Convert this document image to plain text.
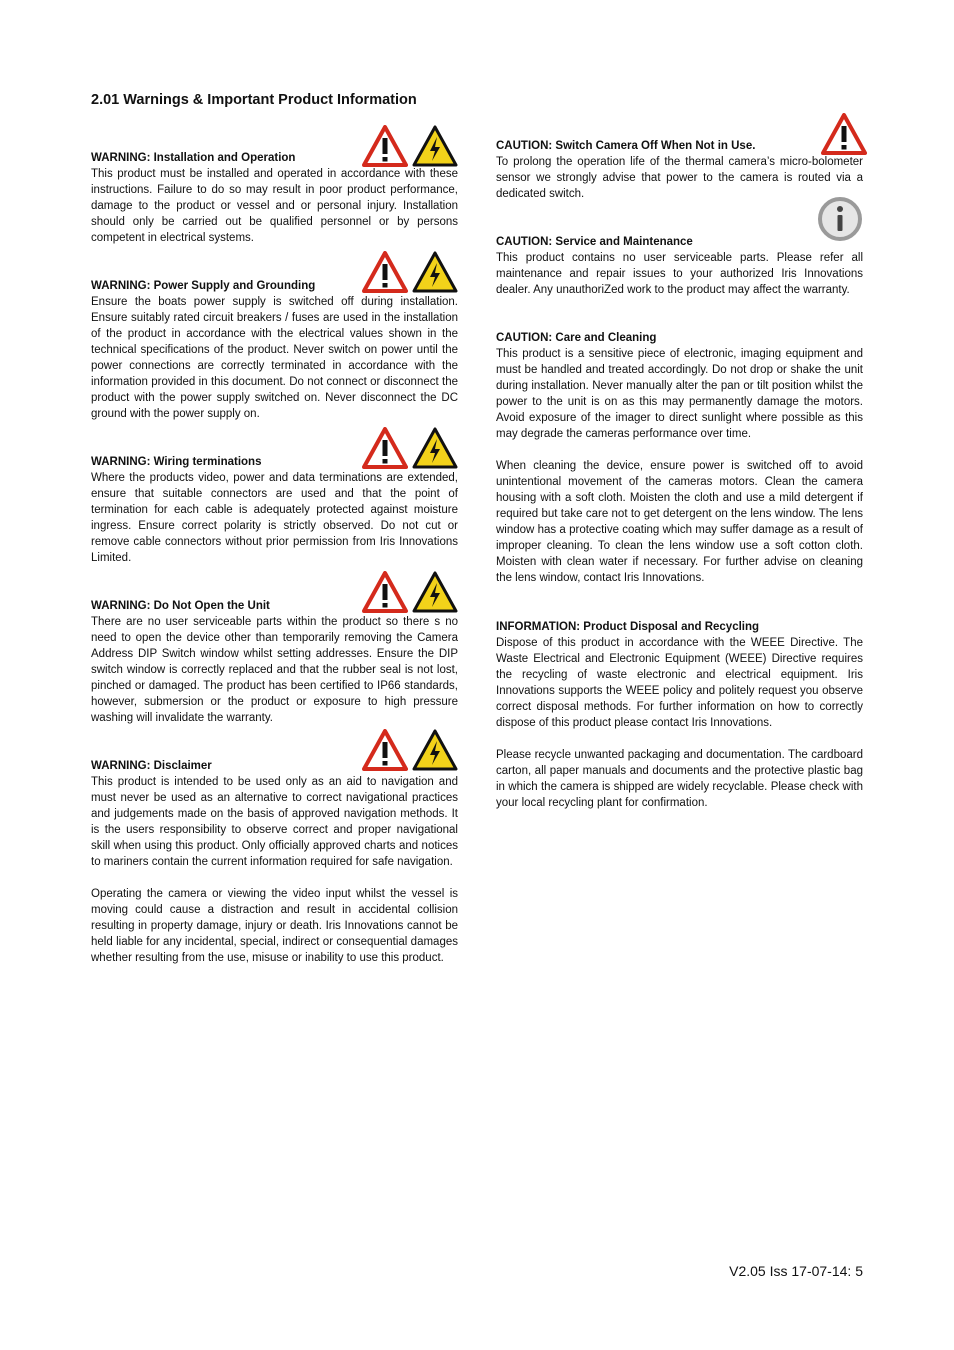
2.01 Warnings & Important Product Information

WARNING: Installation and Operation

This product must be installed and operated in accordance with these instructions. Failure to do so may result in poor product performance, damage to the product or vessel and or personal injury. Installation should only be carried out be qualified personnel or by persons competent in electrical systems.

WARNING: Power Supply and Grounding

Ensure the boats power supply is switched off during installation. Ensure suitably rated circuit breakers / fuses are used in the installation of the product in accordance with the electrical values shown in the technical specifications of the product. Never switch on power until the power connections are correctly terminated in accordance with the information provided in this document. Do not connect or disconnect the product with the power supply switched on. Never disconnect the DC ground with the power supply on.

WARNING: Wiring terminations

Where the products video, power and data terminations are extended, ensure that suitable connectors are used and that the point of termination for each cable is adequately protected against moisture ingress. Ensure correct polarity is strictly observed. Do not cut or remove cable connectors without prior permission from Iris Innovations Limited.

WARNING: Do Not Open the Unit

There are no user serviceable parts within the product so there s no need to open the device other than temporarily removing the Camera Address DIP Switch window whilst setting addresses. Ensure the DIP switch window is correctly replaced and that the rubber seal is not lost, pinched or damaged. The product has been certified to IP66 standards, however, submersion or the product or exposure to high pressure washing will invalidate the warranty.

WARNING: Disclaimer

This product is intended to be used only as an aid to navigation and must never be used as an alternative to correct navigational practices and judgements made on the basis of approved navigation methods. It is the users responsibility to observe correct and proper navigational skill when using this product. Only officially approved charts and notices to mariners contain the current information required for safe navigation.

Operating the camera or viewing the video input whilst the vessel is moving could cause a distraction and result in accidental collision resulting in property damage, injury or death. Iris Innovations cannot be held liable for any incidental, special, indirect or consequential damages whether resulting from the use, misuse or inability to use this product.

CAUTION: Switch Camera Off When Not in Use.

To prolong the operation life of the thermal camera’s micro-bolometer sensor we strongly advise that power to the camera is routed via a dedicated switch.

CAUTION: Service and Maintenance

This product contains no user serviceable parts. Please refer all maintenance and repair issues to your authorized Iris Innovations dealer. Any unauthoriZed work to the product may affect the warranty.

CAUTION: Care and Cleaning

This product is a sensitive piece of electronic, imaging equipment and must be handled and treated accordingly. Do not drop or shake the unit during installation. Never manually alter the pan or tilt position whilst the power to the unit is on as this may permanently damage the motors. Avoid exposure of the imager to direct sunlight where possible as this may degrade the cameras performance over time.

When cleaning the device, ensure power is switched off to avoid unintentional movement of the cameras motors. Clean the camera housing with a soft cloth. Moisten the cloth and use a mild detergent if required but take care not to get detergent on the lens window. The lens window has a protective coating which may suffer damage as a result of improper cleaning. To clean the lens window use a soft cotton cloth. Moisten with clean water if necessary. For further advise on cleaning the lens window, contact Iris Innovations.

INFORMATION: Product Disposal and Recycling

Dispose of this product in accordance with the WEEE Directive. The Waste Electrical and Electronic Equipment (WEEE) Directive requires the recycling of waste electronic and electrical equipment. Iris Innovations supports the WEEE policy and politely request you observe correct disposal methods. For further information on how to correctly dispose of this product please contact Iris Innovations.

Please recycle unwanted packaging and documentation. The cardboard carton, all paper manuals and documents and the protective plastic bag in which the camera is shipped are widely recyclable. Please check with your local recycling plant for confirmation.

V2.05 Iss 17-07-14: 5
